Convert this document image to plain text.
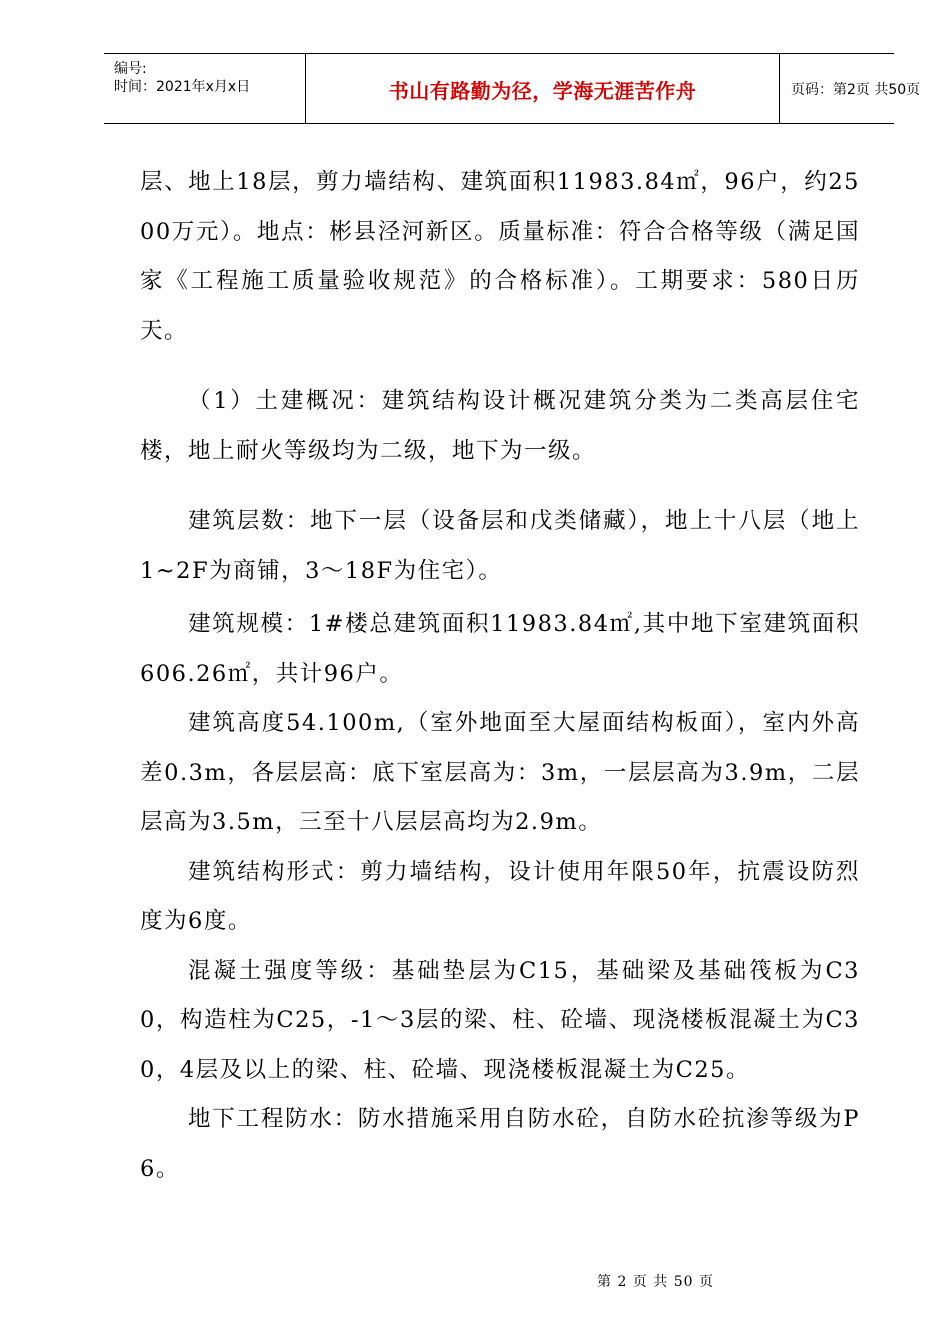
编号:
时间：2021年x月x日	书山有路勤为径，学海无涯苦作舟	页码：第2页 共50页

层、地上18层，剪力墙结构、建筑面积11983.84㎡，96户，约2500万元）。地点：彬县泾河新区。质量标准：符合合格等级（满足国家《工程施工质量验收规范》的合格标准）。工期要求：580日历天。

（1）土建概况：建筑结构设计概况建筑分类为二类高层住宅楼，地上耐火等级均为二级，地下为一级。

建筑层数：地下一层（设备层和戊类储藏），地上十八层（地上1~2F为商铺，3～18F为住宅）。

建筑规模：1#楼总建筑面积11983.84㎡,其中地下室建筑面积606.26㎡，共计96户。

建筑高度54.100m,（室外地面至大屋面结构板面），室内外高差0.3m，各层层高：底下室层高为：3m，一层层高为3.9m，二层层高为3.5m，三至十八层层高均为2.9m。

建筑结构形式：剪力墙结构，设计使用年限50年，抗震设防烈度为6度。

混凝土强度等级：基础垫层为C15，基础梁及基础筏板为C30，构造柱为C25，-1～3层的梁、柱、砼墙、现浇楼板混凝土为C30，4层及以上的梁、柱、砼墙、现浇楼板混凝土为C25。

地下工程防水：防水措施采用自防水砼，自防水砼抗渗等级为P6。

第 2 页 共 50 页
